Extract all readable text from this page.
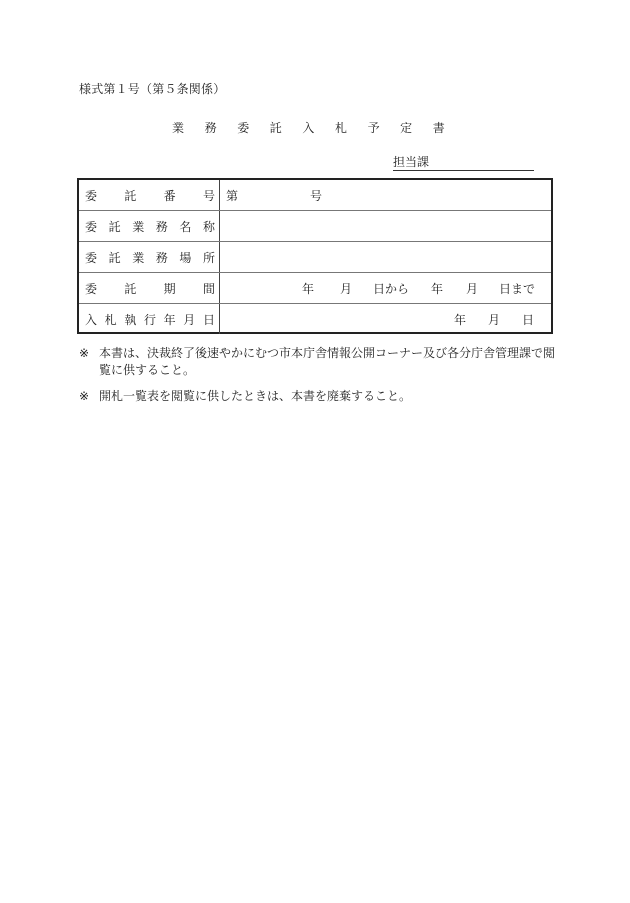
様式第１号（第５条関係）
業	務	委	託	入	札	予	定	書
担当課
委 託 番 号 第	号
委 託 業 務 名 称
委 託 業 務 場 所
委 託 期 間	年 月 日から 年 月 日まで
入 札 執 行 年 月 日	年 月 日
※ 本書は、決裁終了後速やかにむつ市本庁舎情報公開コーナー及び各分庁舎管理課で閲
覧に供すること。
※ 開札一覧表を閲覧に供したときは、本書を廃棄すること。
